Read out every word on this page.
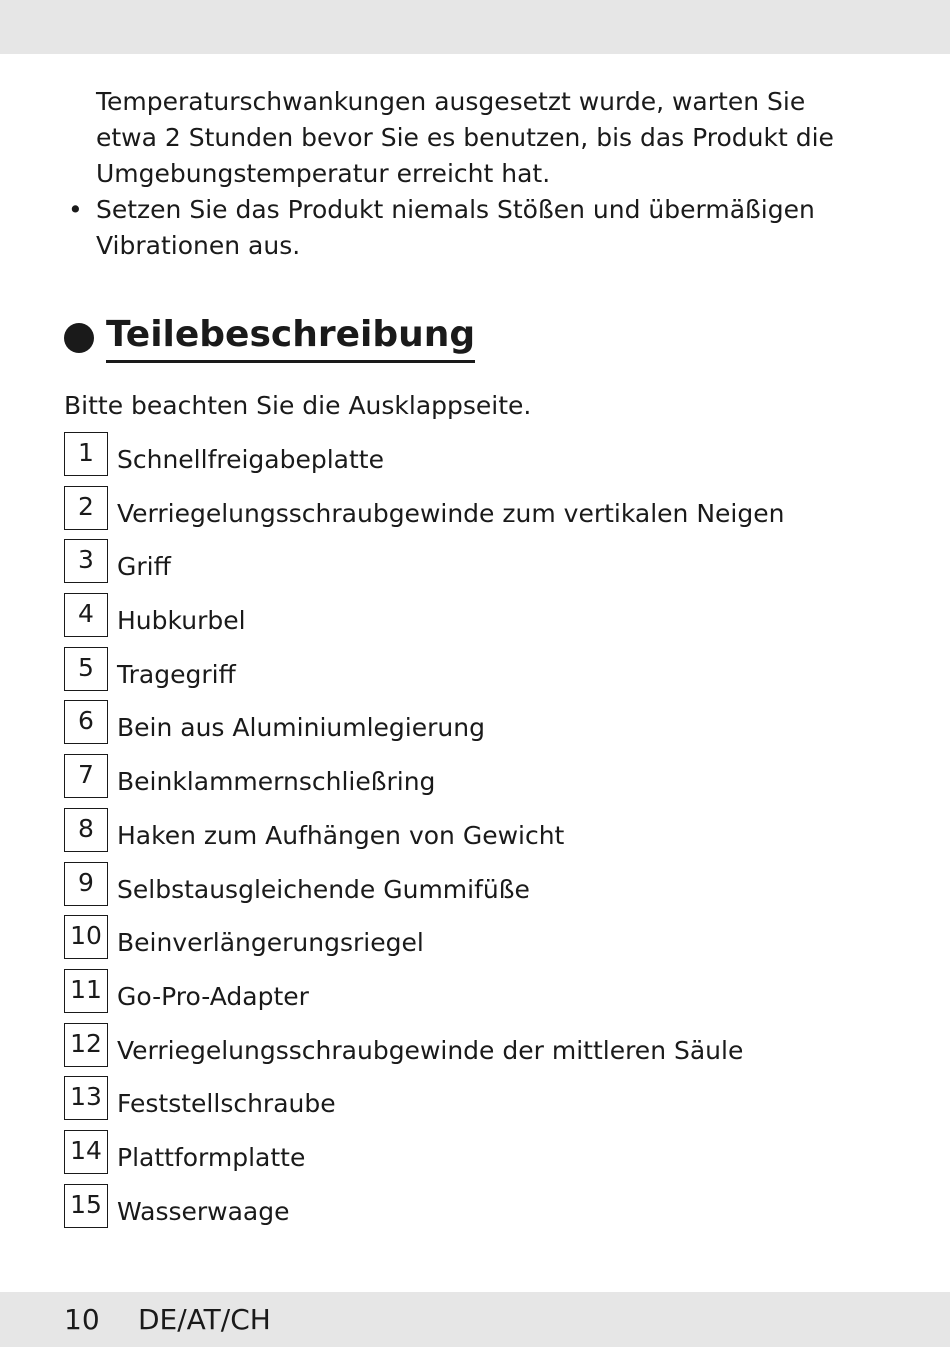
Temperaturschwankungen ausgesetzt wurde, warten Sie
etwa 2 Stunden bevor Sie es benutzen, bis das Produkt die
Umgebungstemperatur erreicht hat.
• Setzen Sie das Produkt niemals Stößen und übermäßigen
Vibrationen aus.
Teilebeschreibung
Bitte beachten Sie die Ausklappseite.
1 Schnellfreigabeplatte
2 Verriegelungsschraubgewinde zum vertikalen Neigen
3 Griff
4 Hubkurbel
5 Tragegriff
6 Bein aus Aluminiumlegierung
7 Beinklammernschließring
8 Haken zum Aufhängen von Gewicht
9 Selbstausgleichende Gummifüße
10 Beinverlängerungsriegel
11 Go-Pro-Adapter
12 Verriegelungsschraubgewinde der mittleren Säule
13 Feststellschraube
14 Plattformplatte
15 Wasserwaage
10 DE/AT/CH
